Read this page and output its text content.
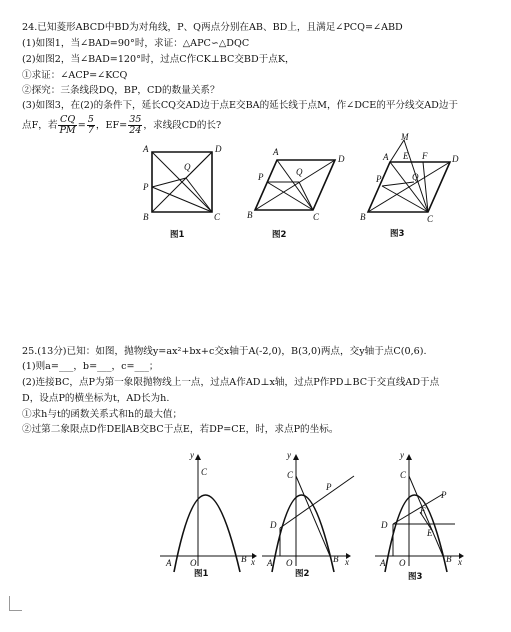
24.已知菱形ABCD中BD为对角线，P、Q两点分别在AB、BD上，且满足∠PCQ=∠ABD
(1)如图1，当∠BAD=90°时，求证：△APC∽△DQC
(2)如图2，当∠BAD=120°时，过点C作CK⊥BC交BD于点K，
①求证：∠ACP=∠KCQ
②探究：三条线段DQ，BP，CD的数量关系？
(3)如图3，在(2)的条件下，延长CQ交AD边于点E交BA的延长线于点M，作∠DCE的平分线交AD边于
点F，若 $\frac{CQ}{PM} = \frac{5}{7}$ ，$EF= \frac{35}{24}$ ，求线段CD的长?
A	D
Q
P
B	C
图1
A
D
P	Q
B	C
图2
M
A E F	D
P	Q
B	C
图3
25.(13分)已知：如图，抛物线y=ax²+bx+c交x轴于A(-2,0)，B(3,0)两点，交y轴于点C(0,6).
(1)则a=___，b=___，c=___；
(2)连接BC，点P为第一象限抛物线上一点，过点A作AD⊥x轴，过点P作PD⊥BC于交直线AD于点
D，设点P的横坐标为t，AD长为h.
①求h与t的函数关系式和h的最大值；
②过第二象限点D作DE∥AB交BC于点E，若DP=CE，时，求点P的坐标。
y
C
A O	B x
图1
y
C
P
D
A O	B x
图2
y
C
P
F
D
E
A O	B x
图3
